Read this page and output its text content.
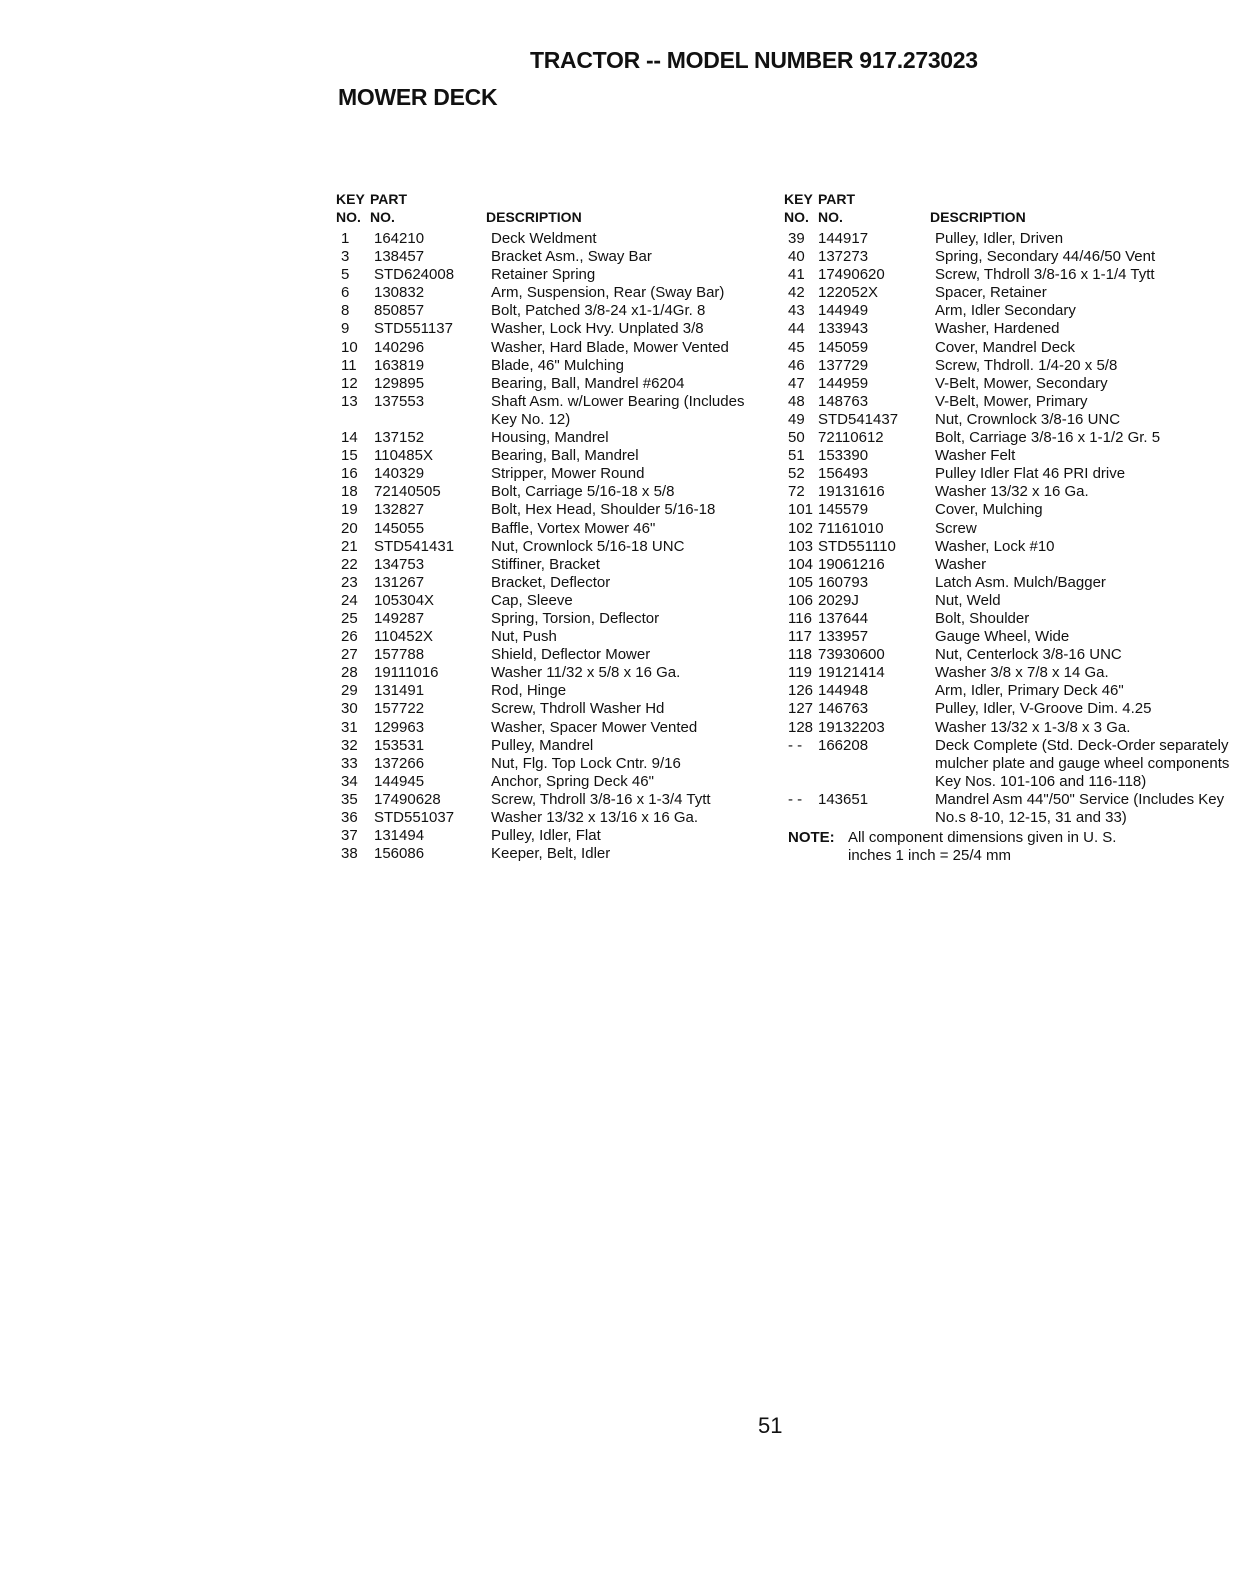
TRACTOR -- MODEL NUMBER 917.273023
MOWER DECK
KEY
NO.
PART
NO.	DESCRIPTION
1 164210	Deck Weldment
3 138457	Bracket Asm., Sway Bar
5 STD624008 Retainer Spring
6 130832	Arm, Suspension, Rear (Sway Bar)
8 850857	Bolt, Patched 3/8-24 x1-1/4Gr. 8
9 STD551137	Washer, Lock Hvy. Unplated 3/8
10 140296	Washer, Hard Blade, Mower Vented
11 163819	Blade, 46" Mulching
12 129895	Bearing, Ball, Mandrel #6204
13 137553	Shaft Asm. w/Lower Bearing (Includes Key No. 12)
14 137152	Housing, Mandrel
15 110485X	Bearing, Ball, Mandrel
16 140329	Stripper, Mower Round
18 72140505	Bolt, Carriage 5/16-18 x 5/8
19 132827	Bolt, Hex Head, Shoulder 5/16-18
20 145055	Baffle, Vortex Mower 46"
21 STD541431 Nut, Crownlock 5/16-18 UNC
22 134753	Stiffiner, Bracket
23 131267	Bracket, Deflector
24 105304X	Cap, Sleeve
25 149287	Spring, Torsion, Deflector
26 110452X	Nut, Push
27 157788	Shield, Deflector Mower
28 19111016	Washer 11/32 x 5/8 x 16 Ga.
29 131491	Rod, Hinge
30 157722	Screw, Thdroll Washer Hd
31 129963	Washer, Spacer Mower Vented
32 153531	Pulley, Mandrel
33 137266	Nut, Flg. Top Lock Cntr. 9/16
34 144945	Anchor, Spring Deck 46"
35 17490628	Screw, Thdroll 3/8-16 x 1-3/4 Tytt
36 STD551037 Washer 13/32 x 13/16 x 16 Ga.
37 131494	Pulley, Idler, Flat
38 156086	Keeper, Belt, Idler
KEY
NO.
PART
NO.	DESCRIPTION
39 144917	Pulley, Idler, Driven
40 137273	Spring, Secondary 44/46/50 Vent
41 17490620	Screw, Thdroll 3/8-16 x 1-1/4 Tytt
42 122052X	Spacer, Retainer
43 144949	Arm, Idler Secondary
44 133943	Washer, Hardened
45 145059	Cover, Mandrel Deck
46 137729	Screw, Thdroll. 1/4-20 x 5/8
47 144959	V-Belt, Mower, Secondary
48 148763	V-Belt, Mower, Primary
49 STD541437 Nut, Crownlock 3/8-16 UNC
50 72110612	Bolt, Carriage 3/8-16 x 1-1/2 Gr. 5
51 153390	Washer Felt
52 156493	Pulley Idler Flat 46 PRI drive
72 19131616	Washer 13/32 x 16 Ga.
101 145579	Cover, Mulching
102 71161010	Screw
103 STD551110	Washer, Lock #10
104 19061216	Washer
105 160793	Latch Asm. Mulch/Bagger
106 2029J	Nut, Weld
116 137644	Bolt, Shoulder
117 133957	Gauge Wheel, Wide
118 73930600	Nut, Centerlock 3/8-16 UNC
119 19121414	Washer 3/8 x 7/8 x 14 Ga.
126 144948	Arm, Idler, Primary Deck 46"
127 146763	Pulley, Idler, V-Groove Dim. 4.25
128 19132203	Washer 13/32 x 1-3/8 x 3 Ga.
- - 166208	Deck Complete (Std. Deck-Order separately mulcher plate and gauge wheel components Key Nos. 101-106 and 116-118)
- - 143651	Mandrel Asm 44"/50" Service (Includes Key No.s 8-10, 12-15, 31 and 33)
NOTE: All component dimensions given in U. S. inches 1 inch = 25/4 mm
51
